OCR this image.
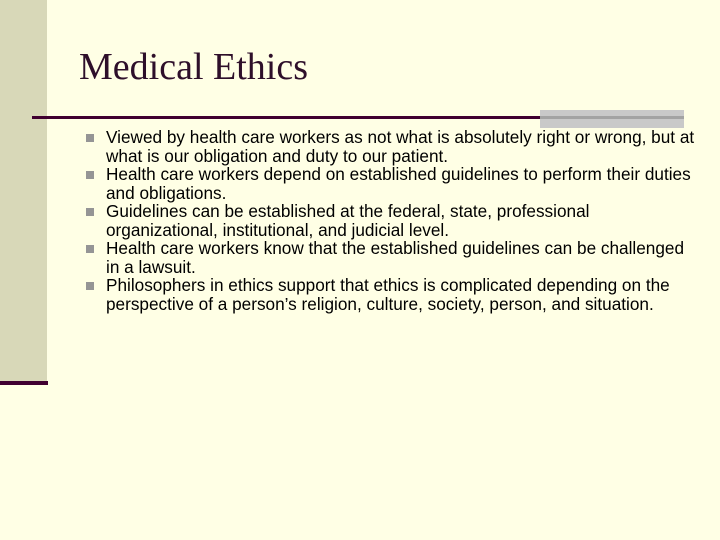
Medical Ethics
Viewed by health care workers as not what is absolutely right or wrong, but at what is our obligation and duty to our patient.
Health care workers depend on established guidelines to perform their duties and obligations.
Guidelines can be established at the federal, state, professional organizational, institutional, and judicial level.
Health care workers know that the established guidelines can be challenged in a lawsuit.
Philosophers in ethics support that ethics is complicated depending on the perspective of a person’s religion, culture, society, person, and situation.
